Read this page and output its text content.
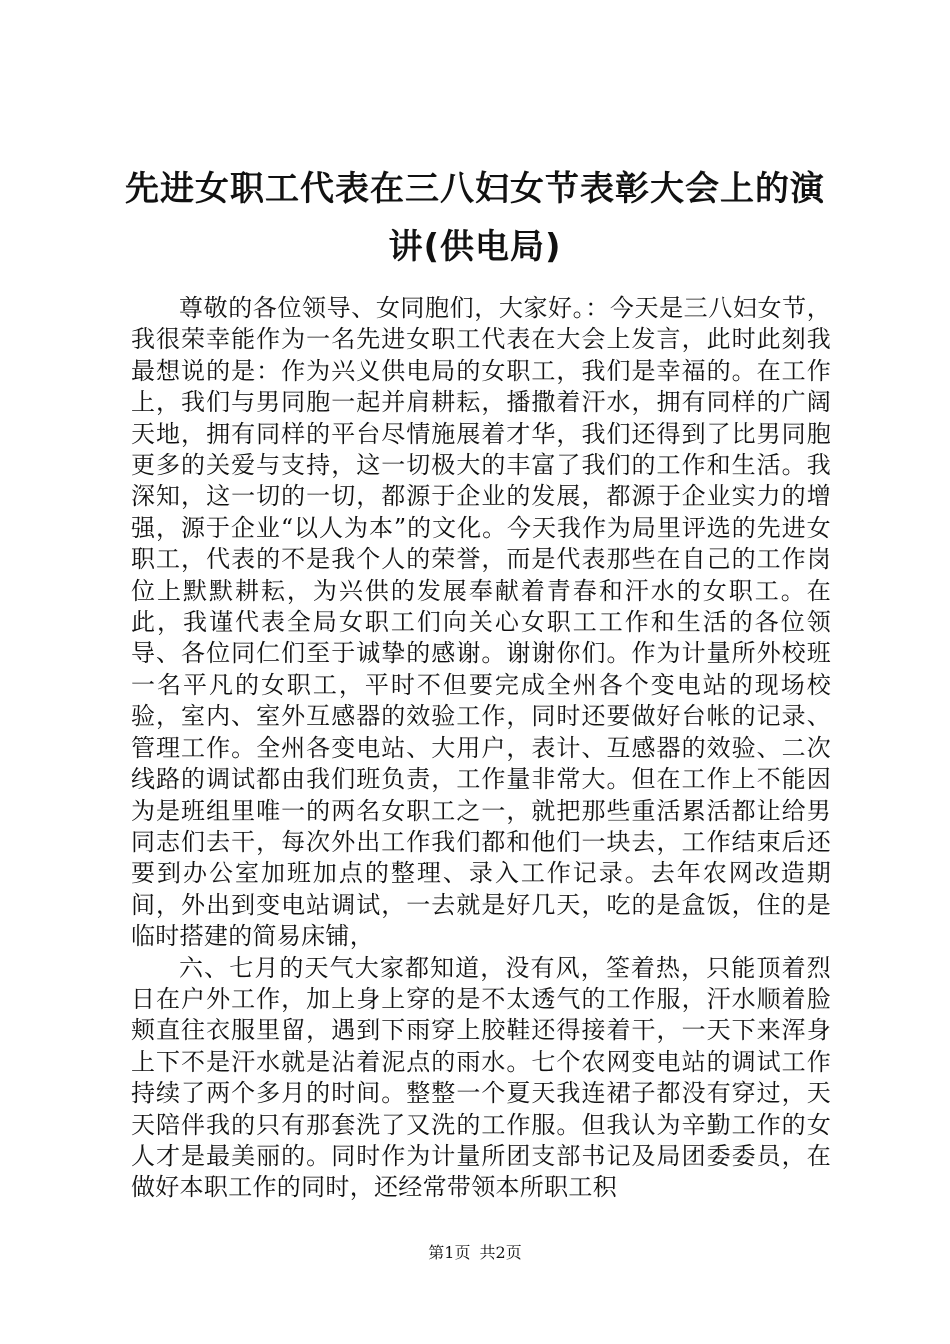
先进女职工代表在三八妇女节表彰大会上的演讲(供电局)

尊敬的各位领导、女同胞们，大家好。：今天是三八妇女节，我很荣幸能作为一名先进女职工代表在大会上发言，此时此刻我最想说的是：作为兴义供电局的女职工，我们是幸福的。在工作上，我们与男同胞一起并肩耕耘，播撒着汗水，拥有同样的广阔天地，拥有同样的平台尽情施展着才华，我们还得到了比男同胞更多的关爱与支持，这一切极大的丰富了我们的工作和生活。我深知，这一切的一切，都源于企业的发展，都源于企业实力的增强，源于企业“以人为本”的文化。今天我作为局里评选的先进女职工，代表的不是我个人的荣誉，而是代表那些在自己的工作岗位上默默耕耘，为兴供的发展奉献着青春和汗水的女职工。在此，我谨代表全局女职工们向关心女职工工作和生活的各位领导、各位同仁们至于诚挚的感谢。谢谢你们。作为计量所外校班一名平凡的女职工，平时不但要完成全州各个变电站的现场校验，室内、室外互感器的效验工作，同时还要做好台帐的记录、管理工作。全州各变电站、大用户，表计、互感器的效验、二次线路的调试都由我们班负责，工作量非常大。但在工作上不能因为是班组里唯一的两名女职工之一，就把那些重活累活都让给男同志们去干，每次外出工作我们都和他们一块去，工作结束后还要到办公室加班加点的整理、录入工作记录。去年农网改造期间，外出到变电站调试，一去就是好几天，吃的是盒饭，住的是临时搭建的简易床铺，

六、七月的天气大家都知道，没有风，筌着热，只能顶着烈日在户外工作，加上身上穿的是不太透气的工作服，汗水顺着脸颊直往衣服里留，遇到下雨穿上胶鞋还得接着干，一天下来浑身上下不是汗水就是沾着泥点的雨水。七个农网变电站的调试工作持续了两个多月的时间。整整一个夏天我连裙子都没有穿过，天天陪伴我的只有那套洗了又洗的工作服。但我认为辛勤工作的女人才是最美丽的。同时作为计量所团支部书记及局团委委员，在做好本职工作的同时，还经常带领本所职工积

第1页 共2页
